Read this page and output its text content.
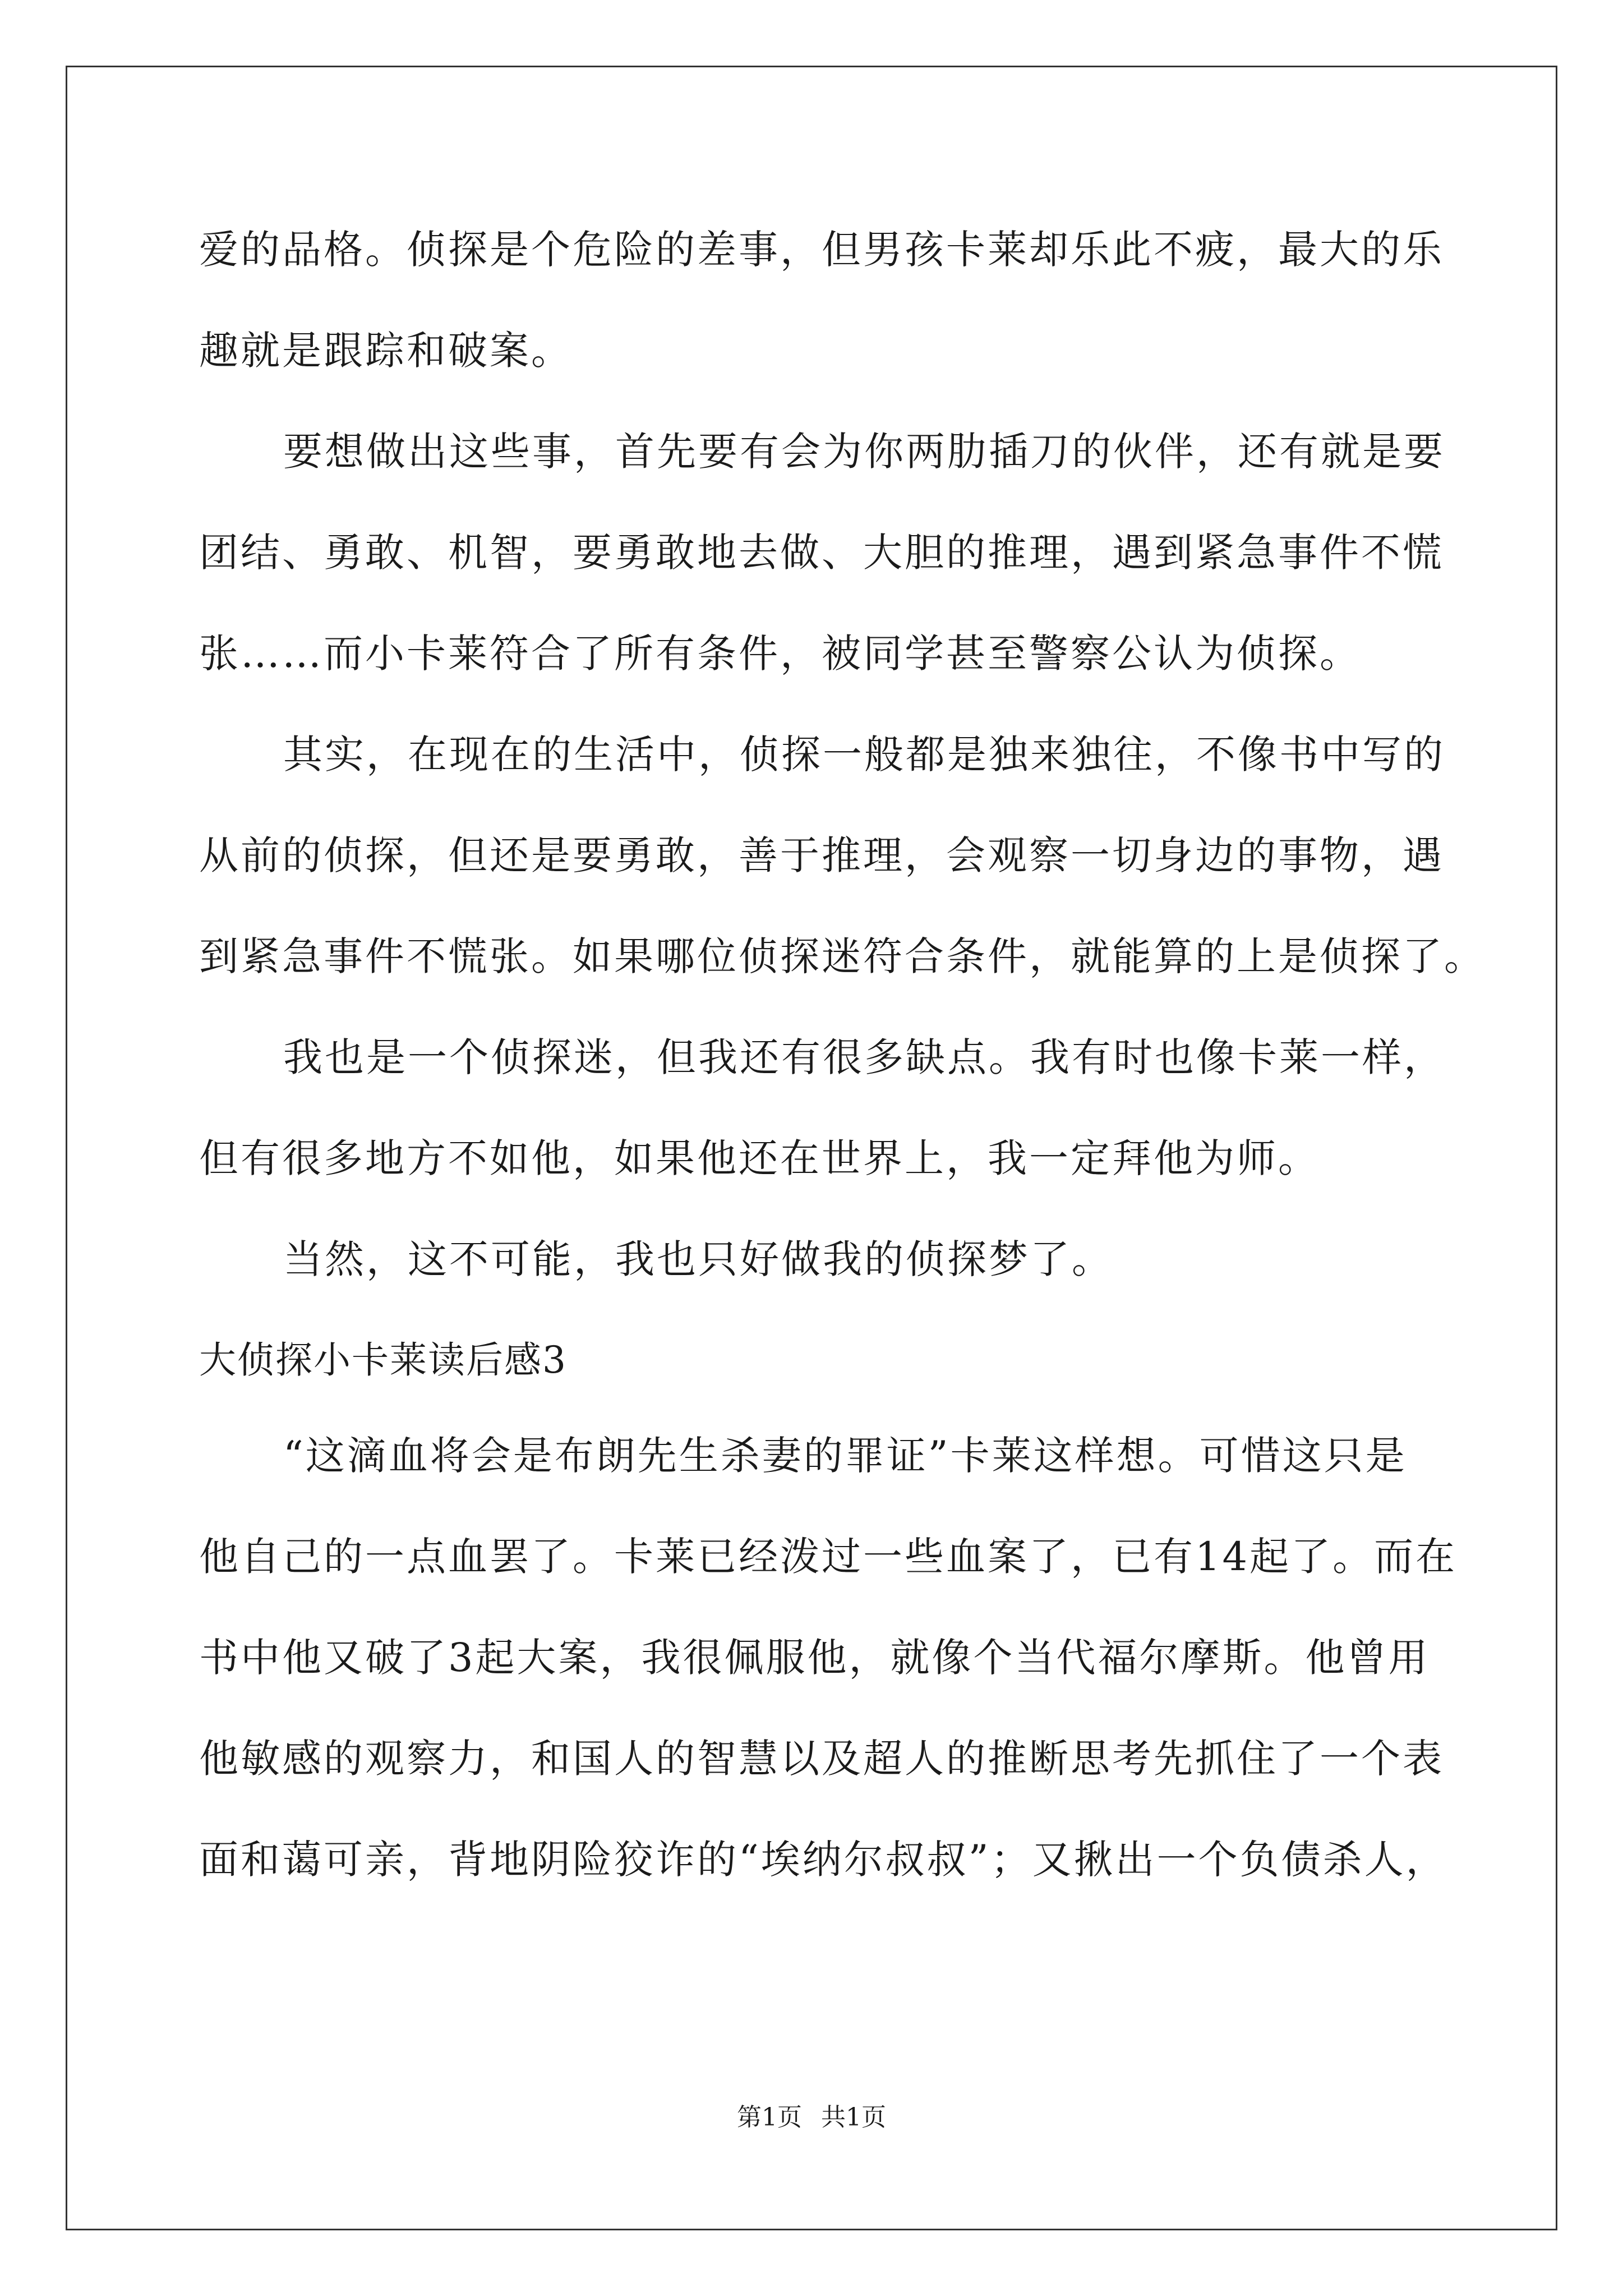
爱的品格。侦探是个危险的差事，但男孩卡莱却乐此不疲，最大的乐
趣就是跟踪和破案。
要想做出这些事，首先要有会为你两肋插刀的伙伴，还有就是要
团结、勇敢、机智，要勇敢地去做、大胆的推理，遇到紧急事件不慌
张……而小卡莱符合了所有条件，被同学甚至警察公认为侦探。
其实，在现在的生活中，侦探一般都是独来独往，不像书中写的
从前的侦探，但还是要勇敢，善于推理，会观察一切身边的事物，遇
到紧急事件不慌张。如果哪位侦探迷符合条件，就能算的上是侦探了。
我也是一个侦探迷，但我还有很多缺点。我有时也像卡莱一样，
但有很多地方不如他，如果他还在世界上，我一定拜他为师。
当然，这不可能，我也只好做我的侦探梦了。
大侦探小卡莱读后感3
“这滴血将会是布朗先生杀妻的罪证”卡莱这样想。可惜这只是
他自己的一点血罢了。卡莱已经泼过一些血案了，已有14起了。而在
书中他又破了3起大案，我很佩服他，就像个当代福尔摩斯。他曾用
他敏感的观察力，和国人的智慧以及超人的推断思考先抓住了一个表
面和蔼可亲，背地阴险狡诈的“埃纳尔叔叔”；又揪出一个负债杀人，
第1页 共1页
